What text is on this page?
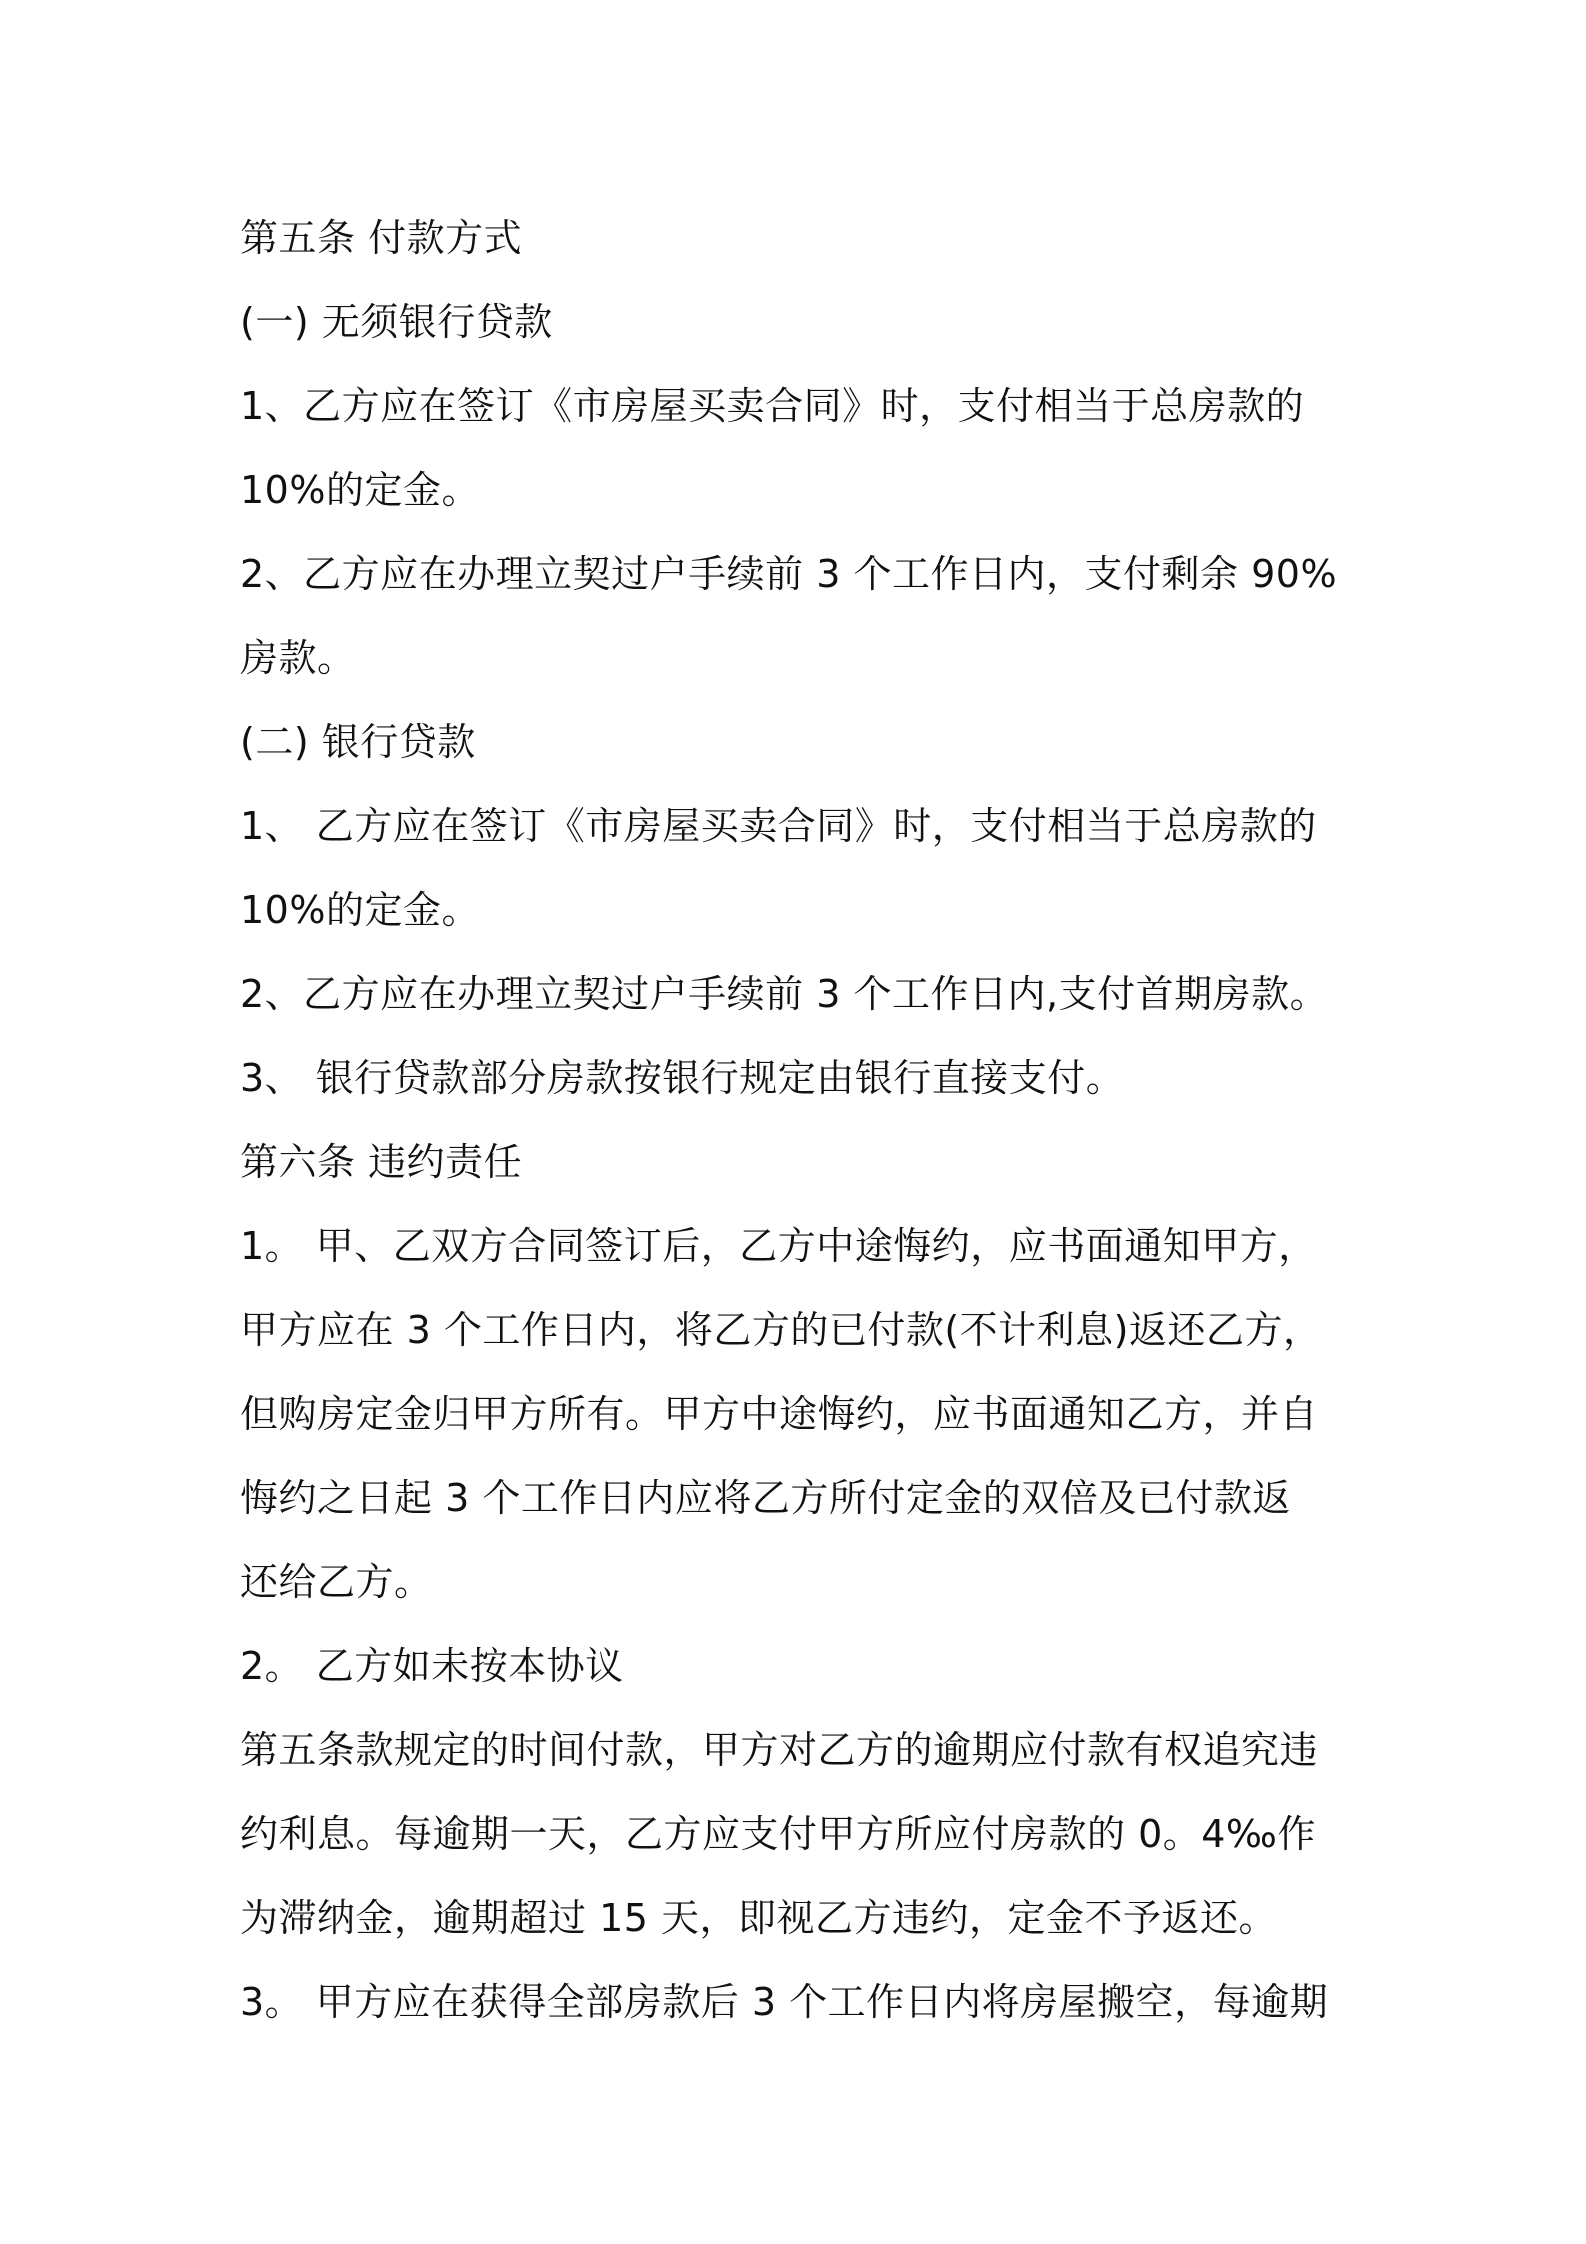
第五条 付款方式
(一) 无须银行贷款
1、乙方应在签订《市房屋买卖合同》时，支付相当于总房款的
10%的定金。
2、乙方应在办理立契过户手续前 3 个工作日内，支付剩余 90%
房款。
(二) 银行贷款
1、 乙方应在签订《市房屋买卖合同》时，支付相当于总房款的
10%的定金。
2、乙方应在办理立契过户手续前 3 个工作日内,支付首期房款。
3、 银行贷款部分房款按银行规定由银行直接支付。
第六条 违约责任
1。 甲、乙双方合同签订后，乙方中途悔约，应书面通知甲方，
甲方应在 3 个工作日内，将乙方的已付款(不计利息)返还乙方，
但购房定金归甲方所有。甲方中途悔约，应书面通知乙方，并自
悔约之日起 3 个工作日内应将乙方所付定金的双倍及已付款返
还给乙方。
2。 乙方如未按本协议
第五条款规定的时间付款，甲方对乙方的逾期应付款有权追究违
约利息。每逾期一天，乙方应支付甲方所应付房款的 0。4‰作
为滞纳金，逾期超过 15 天，即视乙方违约，定金不予返还。
3。 甲方应在获得全部房款后 3 个工作日内将房屋搬空，每逾期
